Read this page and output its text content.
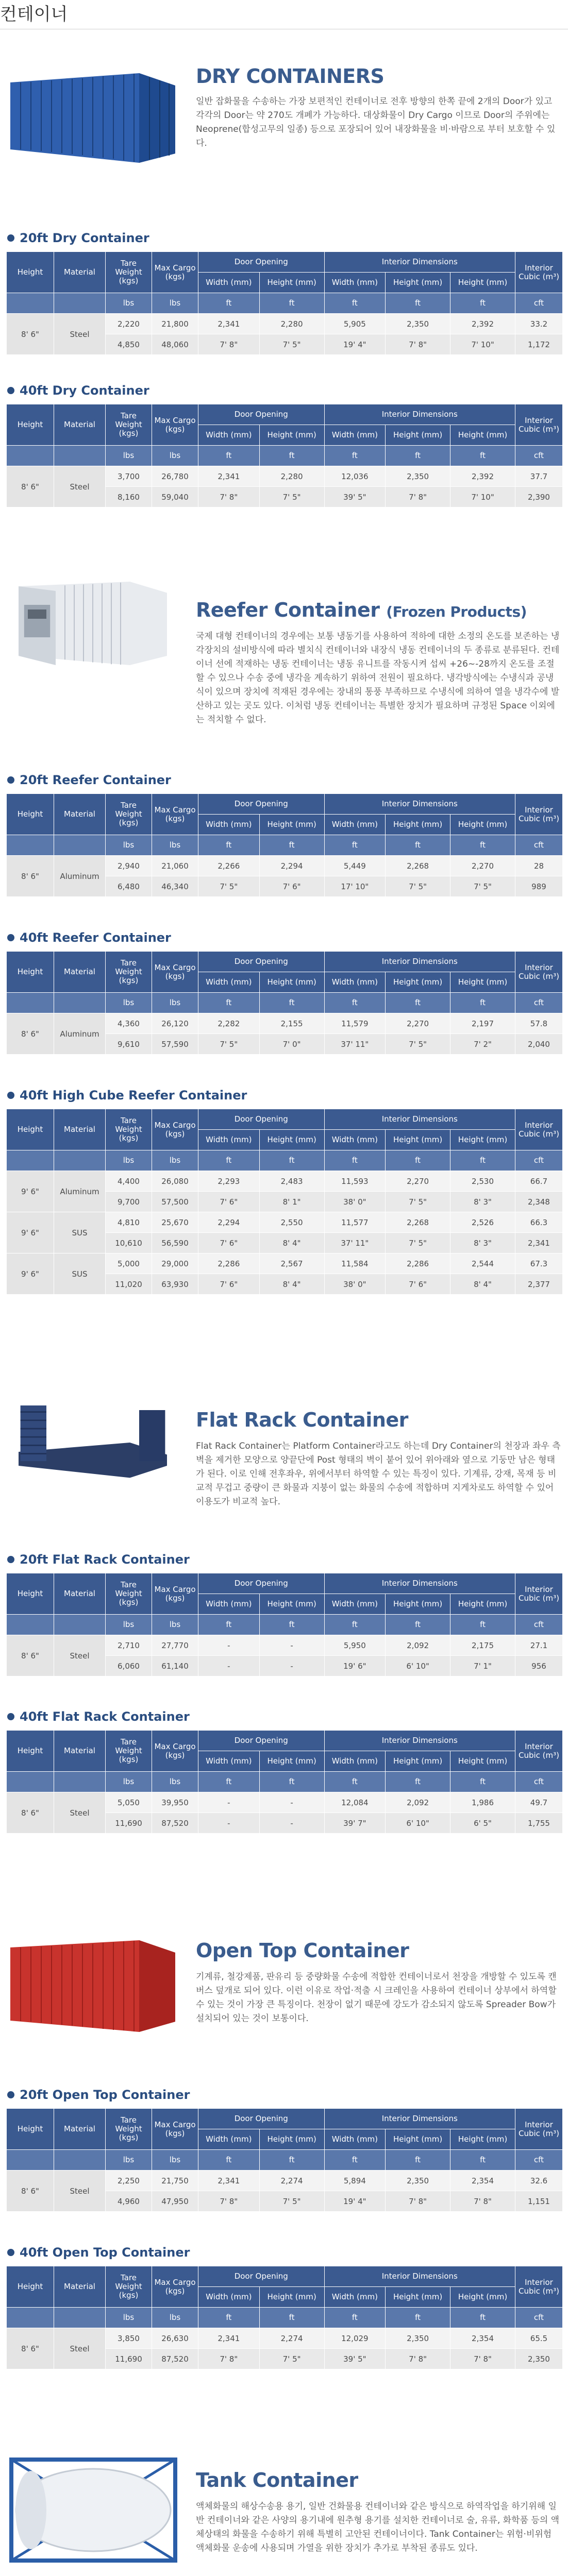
컨테이너
DRY CONTAINERS
일반 잡화물을 수송하는 가장 보편적인 컨테이너로 전후 방향의 한쪽 끝에 2개의 Door가 있고 각각의 Door는 약 270도 개폐가 가능하다. 대상화물이 Dry Cargo 이므로 Door의 주위에는 Neoprene(합성고무의 일종) 등으로 포장되어 있어 내장화물을 비·바람으로 부터 보호할 수 있다.
20ft Dry Container
Height	Material	Tare Weight (kgs)	Max Cargo (kgs)	Door Opening		Interior Dimensions			Interior Cubic (m³)
				Width (mm)	Height (mm)	Width (mm)	Height (mm)	Height (mm)	
		lbs	lbs	ft	ft	ft	ft	ft	cft
8' 6"	Steel	2,220	21,800	2,341	2,280	5,905	2,350	2,392	33.2
		4,850	48,060	7' 8"	7' 5"	19' 4"	7' 8"	7' 10"	1,172
40ft Dry Container
Height	Material	Tare Weight (kgs)	Max Cargo (kgs)	Door Opening		Interior Dimensions			Interior Cubic (m³)
				Width (mm)	Height (mm)	Width (mm)	Height (mm)	Height (mm)	
		lbs	lbs	ft	ft	ft	ft	ft	cft
8' 6"	Steel	3,700	26,780	2,341	2,280	12,036	2,350	2,392	37.7
		8,160	59,040	7' 8"	7' 5"	39' 5"	7' 8"	7' 10"	2,390
Reefer Container (Frozen Products)
국제 대형 컨테이너의 경우에는 보통 냉동기를 사용하여 적하에 대한 소정의 온도를 보존하는 냉각장치의 설비방식에 따라 별치식 컨테이너와 내장식 냉동 컨테이너의 두 종류로 분류된다. 컨테이너 선에 적재하는 냉동 컨테이너는 냉동 유니트를 작동시켜 섭씨 +26~-28까지 온도를 조절할 수 있으나 수송 중에 냉각을 계속하기 위하여 전원이 필요하다. 냉각방식에는 수냉식과 공냉식이 있으며 장치에 적재된 경우에는 장내의 통풍 부족하므로 수냉식에 의하여 열을 냉각수에 발산하고 있는 곳도 있다. 이처럼 냉동 컨테이너는 특별한 장치가 필요하며 규정된 Space 이외에는 적치할 수 없다.
20ft Reefer Container
Height	Material	Tare Weight (kgs)	Max Cargo (kgs)	Door Opening		Interior Dimensions			Interior Cubic (m³)
				Width (mm)	Height (mm)	Width (mm)	Height (mm)	Height (mm)	
		lbs	lbs	ft	ft	ft	ft	ft	cft
8' 6"	Aluminum	2,940	21,060	2,266	2,294	5,449	2,268	2,270	28
		6,480	46,340	7' 5"	7' 6"	17' 10"	7' 5"	7' 5"	989
40ft Reefer Container
Height	Material	Tare Weight (kgs)	Max Cargo (kgs)	Door Opening		Interior Dimensions			Interior Cubic (m³)
				Width (mm)	Height (mm)	Width (mm)	Height (mm)	Height (mm)	
		lbs	lbs	ft	ft	ft	ft	ft	cft
8' 6"	Aluminum	4,360	26,120	2,282	2,155	11,579	2,270	2,197	57.8
		9,610	57,590	7' 5"	7' 0"	37' 11"	7' 5"	7' 2"	2,040
40ft High Cube Reefer Container
Height	Material	Tare Weight (kgs)	Max Cargo (kgs)	Door Opening		Interior Dimensions			Interior Cubic (m³)
				Width (mm)	Height (mm)	Width (mm)	Height (mm)	Height (mm)	
		lbs	lbs	ft	ft	ft	ft	ft	cft
9' 6"	Aluminum	4,400	26,080	2,293	2,483	11,593	2,270	2,530	66.7
		9,700	57,500	7' 6"	8' 1"	38' 0"	7' 5"	8' 3"	2,348
9' 6"	SUS	4,810	25,670	2,294	2,550	11,577	2,268	2,526	66.3
		10,610	56,590	7' 6"	8' 4"	37' 11"	7' 5"	8' 3"	2,341
9' 6"	SUS	5,000	29,000	2,286	2,567	11,584	2,286	2,544	67.3
		11,020	63,930	7' 6"	8' 4"	38' 0"	7' 6"	8' 4"	2,377
Flat Rack Container
Flat Rack Container는 Platform Container라고도 하는데 Dry Container의 천장과 좌우 측벽을 제거한 모양으로 양끝단에 Post 형태의 벽이 붙어 있어 위아래와 옆으로 기둥만 남은 형태가 된다. 이로 인해 전후좌우, 위에서부터 하역할 수 있는 특징이 있다. 기계류, 강재, 목재 등 비교적 무겁고 중량이 큰 화물과 지붕이 없는 화물의 수송에 적합하며 지게차로도 하역할 수 있어 이용도가 비교적 높다.
20ft Flat Rack Container
Height	Material	Tare Weight (kgs)	Max Cargo (kgs)	Door Opening		Interior Dimensions			Interior Cubic (m³)
				Width (mm)	Height (mm)	Width (mm)	Height (mm)	Height (mm)	
		lbs	lbs	ft	ft	ft	ft	ft	cft
8' 6"	Steel	2,710	27,770	-	-	5,950	2,092	2,175	27.1
		6,060	61,140	-	-	19' 6"	6' 10"	7' 1"	956
40ft Flat Rack Container
Height	Material	Tare Weight (kgs)	Max Cargo (kgs)	Door Opening		Interior Dimensions			Interior Cubic (m³)
				Width (mm)	Height (mm)	Width (mm)	Height (mm)	Height (mm)	
		lbs	lbs	ft	ft	ft	ft	ft	cft
8' 6"	Steel	5,050	39,950	-	-	12,084	2,092	1,986	49.7
		11,690	87,520	-	-	39' 7"	6' 10"	6' 5"	1,755
Open Top Container
기계류, 철강제품, 판유리 등 중량화물 수송에 적합한 컨테이너로서 천장을 개방할 수 있도록 캔버스 덮개로 되어 있다. 이런 이유로 작업·적출 시 크레인을 사용하여 컨테이너 상부에서 하역할 수 있는 것이 가장 큰 특징이다. 천장이 없기 때문에 강도가 감소되지 않도록 Spreader Bow가 설치되어 있는 것이 보통이다.
20ft Open Top Container
Height	Material	Tare Weight (kgs)	Max Cargo (kgs)	Door Opening		Interior Dimensions			Interior Cubic (m³)
				Width (mm)	Height (mm)	Width (mm)	Height (mm)	Height (mm)	
		lbs	lbs	ft	ft	ft	ft	ft	cft
8' 6"	Steel	2,250	21,750	2,341	2,274	5,894	2,350	2,354	32.6
		4,960	47,950	7' 8"	7' 5"	19' 4"	7' 8"	7' 8"	1,151
40ft Open Top Container
Height	Material	Tare Weight (kgs)	Max Cargo (kgs)	Door Opening		Interior Dimensions			Interior Cubic (m³)
				Width (mm)	Height (mm)	Width (mm)	Height (mm)	Height (mm)	
		lbs	lbs	ft	ft	ft	ft	ft	cft
8' 6"	Steel	3,850	26,630	2,341	2,274	12,029	2,350	2,354	65.5
		11,690	87,520	7' 8"	7' 5"	39' 5"	7' 8"	7' 8"	2,350
Tank Container
액체화물의 해상수송용 용기, 일반 건화물용 컨테이너와 같은 방식으로 하역작업을 하기위해 일반 컨테이너와 같은 사양의 용기내에 원추형 용기를 설치한 컨테이너로 술, 유류, 화학품 등의 액체상태의 화물을 수송하기 위해 특별히 고안된 컨테이너이다. Tank Container는 위험·비위험 액체화물 운송에 사용되며 가열을 위한 장치가 추가로 부착된 종류도 있다.
